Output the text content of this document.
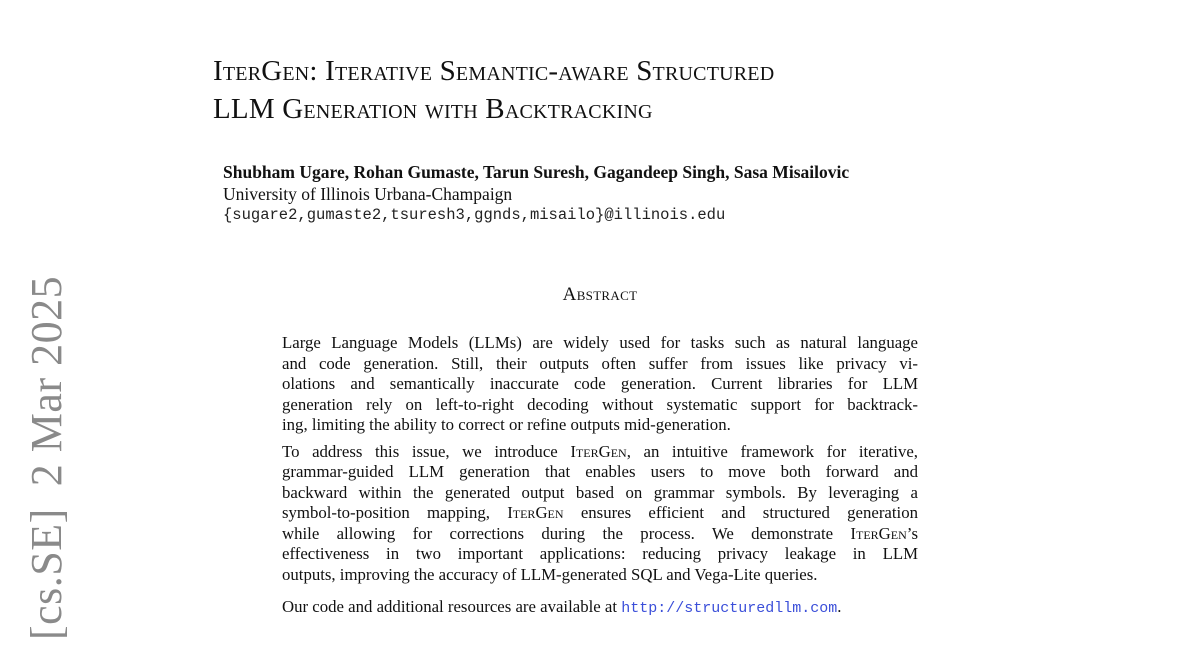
IterGen: Iterative Semantic-aware Structured
LLM Generation with Backtracking
Shubham Ugare, Rohan Gumaste, Tarun Suresh, Gagandeep Singh, Sasa Misailovic
University of Illinois Urbana-Champaign
{sugare2,gumaste2,tsuresh3,ggnds,misailo}@illinois.edu
Abstract

Large Language Models (LLMs) are widely used for tasks such as natural language
and code generation. Still, their outputs often suffer from issues like privacy vi-
olations and semantically inaccurate code generation. Current libraries for LLM
generation rely on left-to-right decoding without systematic support for backtrack-
ing, limiting the ability to correct or refine outputs mid-generation.

To address this issue, we introduce IterGen, an intuitive framework for iterative,
grammar-guided LLM generation that enables users to move both forward and
backward within the generated output based on grammar symbols. By leveraging a
symbol-to-position mapping, IterGen ensures efficient and structured generation
while allowing for corrections during the process. We demonstrate IterGen’s
effectiveness in two important applications: reducing privacy leakage in LLM
outputs, improving the accuracy of LLM-generated SQL and Vega-Lite queries.

Our code and additional resources are available at http://structuredllm.com.

[cs.SE]2 Mar 2025
